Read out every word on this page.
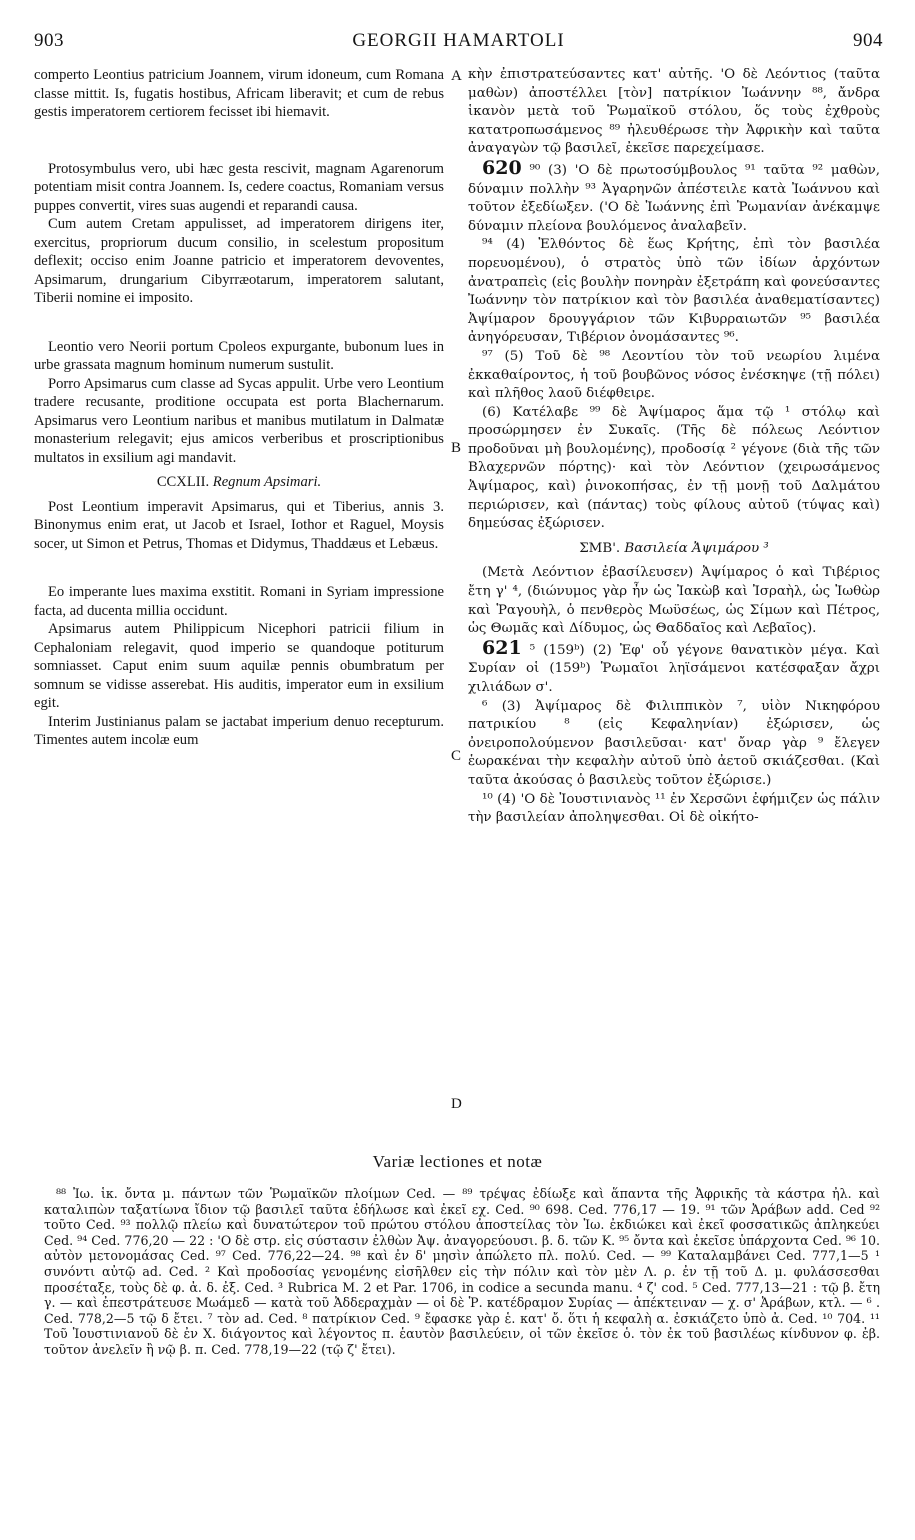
903	GEORGII HAMARTOLI	904
A
B
C
D

comperto Leontius patricium Joannem, virum idoneum, cum Romana classe mittit. Is, fugatis hostibus, Africam liberavit; et cum de rebus gestis imperatorem certiorem fecisset ibi hiemavit.

Protosymbulus vero, ubi hæc gesta rescivit, magnam Agarenorum potentiam misit contra Joannem. Is, cedere coactus, Romaniam versus puppes convertit, vires suas augendi et reparandi causa.

Cum autem Cretam appulisset, ad imperatorem dirigens iter, exercitus, propriorum ducum consilio, in scelestum propositum deflexit; occiso enim Joanne patricio et imperatorem devoventes, Apsimarum, drungarium Cibyrræotarum, imperatorem salutant, Tiberii nomine ei imposito.

Leontio vero Neorii portum Cpoleos expurgante, bubonum lues in urbe grassata magnum hominum numerum sustulit.

Porro Apsimarus cum classe ad Sycas appulit. Urbe vero Leontium tradere recusante, proditione occupata est porta Blachernarum. Apsimarus vero Leontium naribus et manibus mutilatum in Dalmatæ monasterium relegavit; ejus amicos verberibus et proscriptionibus multatos in exsilium agi mandavit.

CCXLII. Regnum Apsimari.

Post Leontium imperavit Apsimarus, qui et Tiberius, annis 3. Binonymus enim erat, ut Jacob et Israel, Iothor et Raguel, Moysis socer, ut Simon et Petrus, Thomas et Didymus, Thaddæus et Lebæus.

Eo imperante lues maxima exstitit. Romani in Syriam impressione facta, ad ducenta millia occidunt.

Apsimarus autem Philippicum Nicephori patricii filium in Cephaloniam relegavit, quod imperio se quandoque potiturum somniasset. Caput enim suum aquilæ pennis obumbratum per somnum se vidisse asserebat. His auditis, imperator eum in exsilium egit.

Interim Justinianus palam se jactabat imperium denuo recepturum. Timentes autem incolæ eum

κὴν ἐπιστρατεύσαντες κατ' αὐτῆς. 'Ο δὲ Λεόντιος (ταῦτα μαθὼν) ἀποστέλλει [τὸν] πατρίκιον Ἰωάννην ⁸⁸, ἄνδρα ἱκανὸν μετὰ τοῦ Ῥωμαϊκοῦ στόλου, ὅς τοὺς ἐχθροὺς κατατροπωσάμενος ⁸⁹ ἠλευθέρωσε τὴν Ἀφρικὴν καὶ ταῦτα ἀναγαγὼν τῷ βασιλεῖ, ἐκεῖσε παρεχείμασε.

620 ⁹⁰ (3) 'Ο δὲ πρωτοσύμβουλος ⁹¹ ταῦτα ⁹² μαθὼν, δύναμιν πολλὴν ⁹³ Ἀγαρηνῶν ἀπέστειλε κατὰ Ἰωάννου καὶ τοῦτον ἐξεδίωξεν. ('Ο δὲ Ἰωάννης ἐπὶ Ῥωμανίαν ἀνέκαμψε δύναμιν πλείονα βουλόμενος ἀναλαβεῖν.

⁹⁴ (4) Ἐλθόντος δὲ ἕως Κρήτης, ἐπὶ τὸν βασιλέα πορευομένου), ὁ στρατὸς ὑπὸ τῶν ἰδίων ἀρχόντων ἀνατραπεὶς (εἰς βουλὴν πονηρὰν ἐξετράπη καὶ φονεύσαντες Ἰωάννην τὸν πατρίκιον καὶ τὸν βασιλέα ἀναθεματίσαντες) Ἀψίμαρον δρουγγάριον τῶν Κιβυρραιωτῶν ⁹⁵ βασιλέα ἀνηγόρευσαν, Τιβέριον ὀνομάσαντες ⁹⁶.

⁹⁷ (5) Τοῦ δὲ ⁹⁸ Λεοντίου τὸν τοῦ νεωρίου λιμένα ἐκκαθαίροντος, ἡ τοῦ βουβῶνος νόσος ἐνέσκηψε (τῇ πόλει) καὶ πλῆθος λαοῦ διέφθειρε.

(6) Κατέλαβε ⁹⁹ δὲ Ἀψίμαρος ἅμα τῷ ¹ στόλῳ καὶ προσώρμησεν ἐν Συκαῖς. (Τῆς δὲ πόλεως Λεόντιον προδοῦναι μὴ βουλομένης), προδοσίᾳ ² γέγονε (διὰ τῆς τῶν Βλαχερνῶν πόρτης)· καὶ τὸν Λεόντιον (χειρωσάμενος Ἀψίμαρος, καὶ) ῥινοκοπήσας, ἐν τῇ μονῇ τοῦ Δαλμάτου περιώρισεν, καὶ (πάντας) τοὺς φίλους αὐτοῦ (τύψας καὶ) δημεύσας ἐξώρισεν.

ΣΜΒ'. Βασιλεία Ἀψιμάρου ³

(Μετὰ Λεόντιον ἐβασίλευσεν) Ἀψίμαρος ὁ καὶ Τιβέριος ἔτη γ' ⁴, (διώνυμος γὰρ ἦν ὡς Ἰακὼβ καὶ Ἰσραὴλ, ὡς Ἰωθὼρ καὶ Ῥαγουὴλ, ὁ πενθερὸς Μωϋσέως, ὡς Σίμων καὶ Πέτρος, ὡς Θωμᾶς καὶ Δίδυμος, ὡς Θαδδαῖος καὶ Λεβαῖος).

621 ⁵ (159ᵇ) (2) Ἐφ' οὗ γέγονε θανατικὸν μέγα. Καὶ Συρίαν οἱ (159ᵇ) Ῥωμαῖοι ληϊσάμενοι κατέσφαξαν ἄχρι χιλιάδων σ'.

⁶ (3) Ἀψίμαρος δὲ Φιλιππικὸν ⁷, υἱὸν Νικηφόρου πατρικίου ⁸ (εἰς Κεφαληνίαν) ἐξώρισεν, ὡς ὀνειροπολούμενον βασιλεῦσαι· κατ' ὄναρ γὰρ ⁹ ἔλεγεν ἑωρακέναι τὴν κεφαλὴν αὐτοῦ ὑπὸ ἀετοῦ σκιάζεσθαι. (Καὶ ταῦτα ἀκούσας ὁ βασιλεὺς τοῦτον ἐξώρισε.)

¹⁰ (4) 'Ο δὲ Ἰουστινιανὸς ¹¹ ἐν Χερσῶνι ἐφήμιζεν ὡς πάλιν τὴν βασιλείαν ἀποληψεσθαι. Οἱ δὲ οἰκήτο-

Variæ lectiones et notæ

⁸⁸ Ἰω. ἱκ. ὄντα μ. πάντων τῶν Ῥωμαϊκῶν πλοίμων Ced. — ⁸⁹ τρέψας ἐδίωξε καὶ ἅπαντα τῆς Ἀφρικῆς τὰ κάστρα ἠλ. καὶ καταλιπὼν ταξατίωνα ἴδιον τῷ βασιλεῖ ταῦτα ἐδήλωσε καὶ ἐκεῖ εχ. Ced. ⁹⁰ 698. Ced. 776,17 — 19. ⁹¹ τῶν Ἀράβων add. Ced ⁹² τοῦτο Ced. ⁹³ πολλῷ πλείω καὶ δυνατώτερον τοῦ πρώτου στόλου ἀποστείλας τὸν Ἰω. ἐκδιώκει καὶ ἐκεῖ φοσσατικῶς ἀπληκεύει Ced. ⁹⁴ Ced. 776,20 — 22 : 'Ο δὲ στρ. εἰς σύστασιν ἐλθὼν Ἀψ. ἀναγορεύουσι. β. δ. τῶν Κ. ⁹⁵ ὄντα καὶ ἐκεῖσε ὑπάρχοντα Ced. ⁹⁶ 10. αὐτὸν μετονομάσας Ced. ⁹⁷ Ced. 776,22—24. ⁹⁸ καὶ ἐν δ' μησὶν ἀπώλετο πλ. πολύ. Ced. — ⁹⁹ Καταλαμβάνει Ced. 777,1—5 ¹ συνόντι αὐτῷ ad. Ced. ² Καὶ προδοσίας γενομένης εἰσῆλθεν εἰς τὴν πόλιν καὶ τὸν μὲν Λ. ρ. ἐν τῇ τοῦ Δ. μ. φυλάσσεσθαι προσέταξε, τοὺς δὲ φ. ἀ. δ. ἐξ. Ced. ³ Rubrica M. 2 et Par. 1706, in codice a secunda manu. ⁴ ζ' cod. ⁵ Ced. 777,13—21 : τῷ β. ἔτη γ. — καὶ ἐπεστράτευσε Μωάμεδ — κατὰ τοῦ Ἀδδεραχμὰν — οἱ δὲ Ῥ. κατέδραμον Συρίας — ἀπέκτειναν — χ. σ' Ἀράβων, κτλ. — ⁶ . Ced. 778,2—5 τῷ δ ἔτει. ⁷ τὸν ad. Ced. ⁸ πατρίκιον Ced. ⁹ ἔφασκε γὰρ ἑ. κατ' ὄ. ὅτι ἡ κεφαλὴ α. ἐσκιάζετο ὑπὸ ἀ. Ced. ¹⁰ 704. ¹¹ Τοῦ Ἰουστινιανοῦ δὲ ἐν Χ. διάγοντος καὶ λέγοντος π. ἑαυτὸν βασιλεύειν, οἱ τῶν ἐκεῖσε ὁ. τὸν ἐκ τοῦ βασιλέως κίνδυνον φ. ἐβ. τοῦτον ἀνελεῖν ἢ νῷ β. π. Ced. 778,19—22 (τῷ ζ' ἔτει).
